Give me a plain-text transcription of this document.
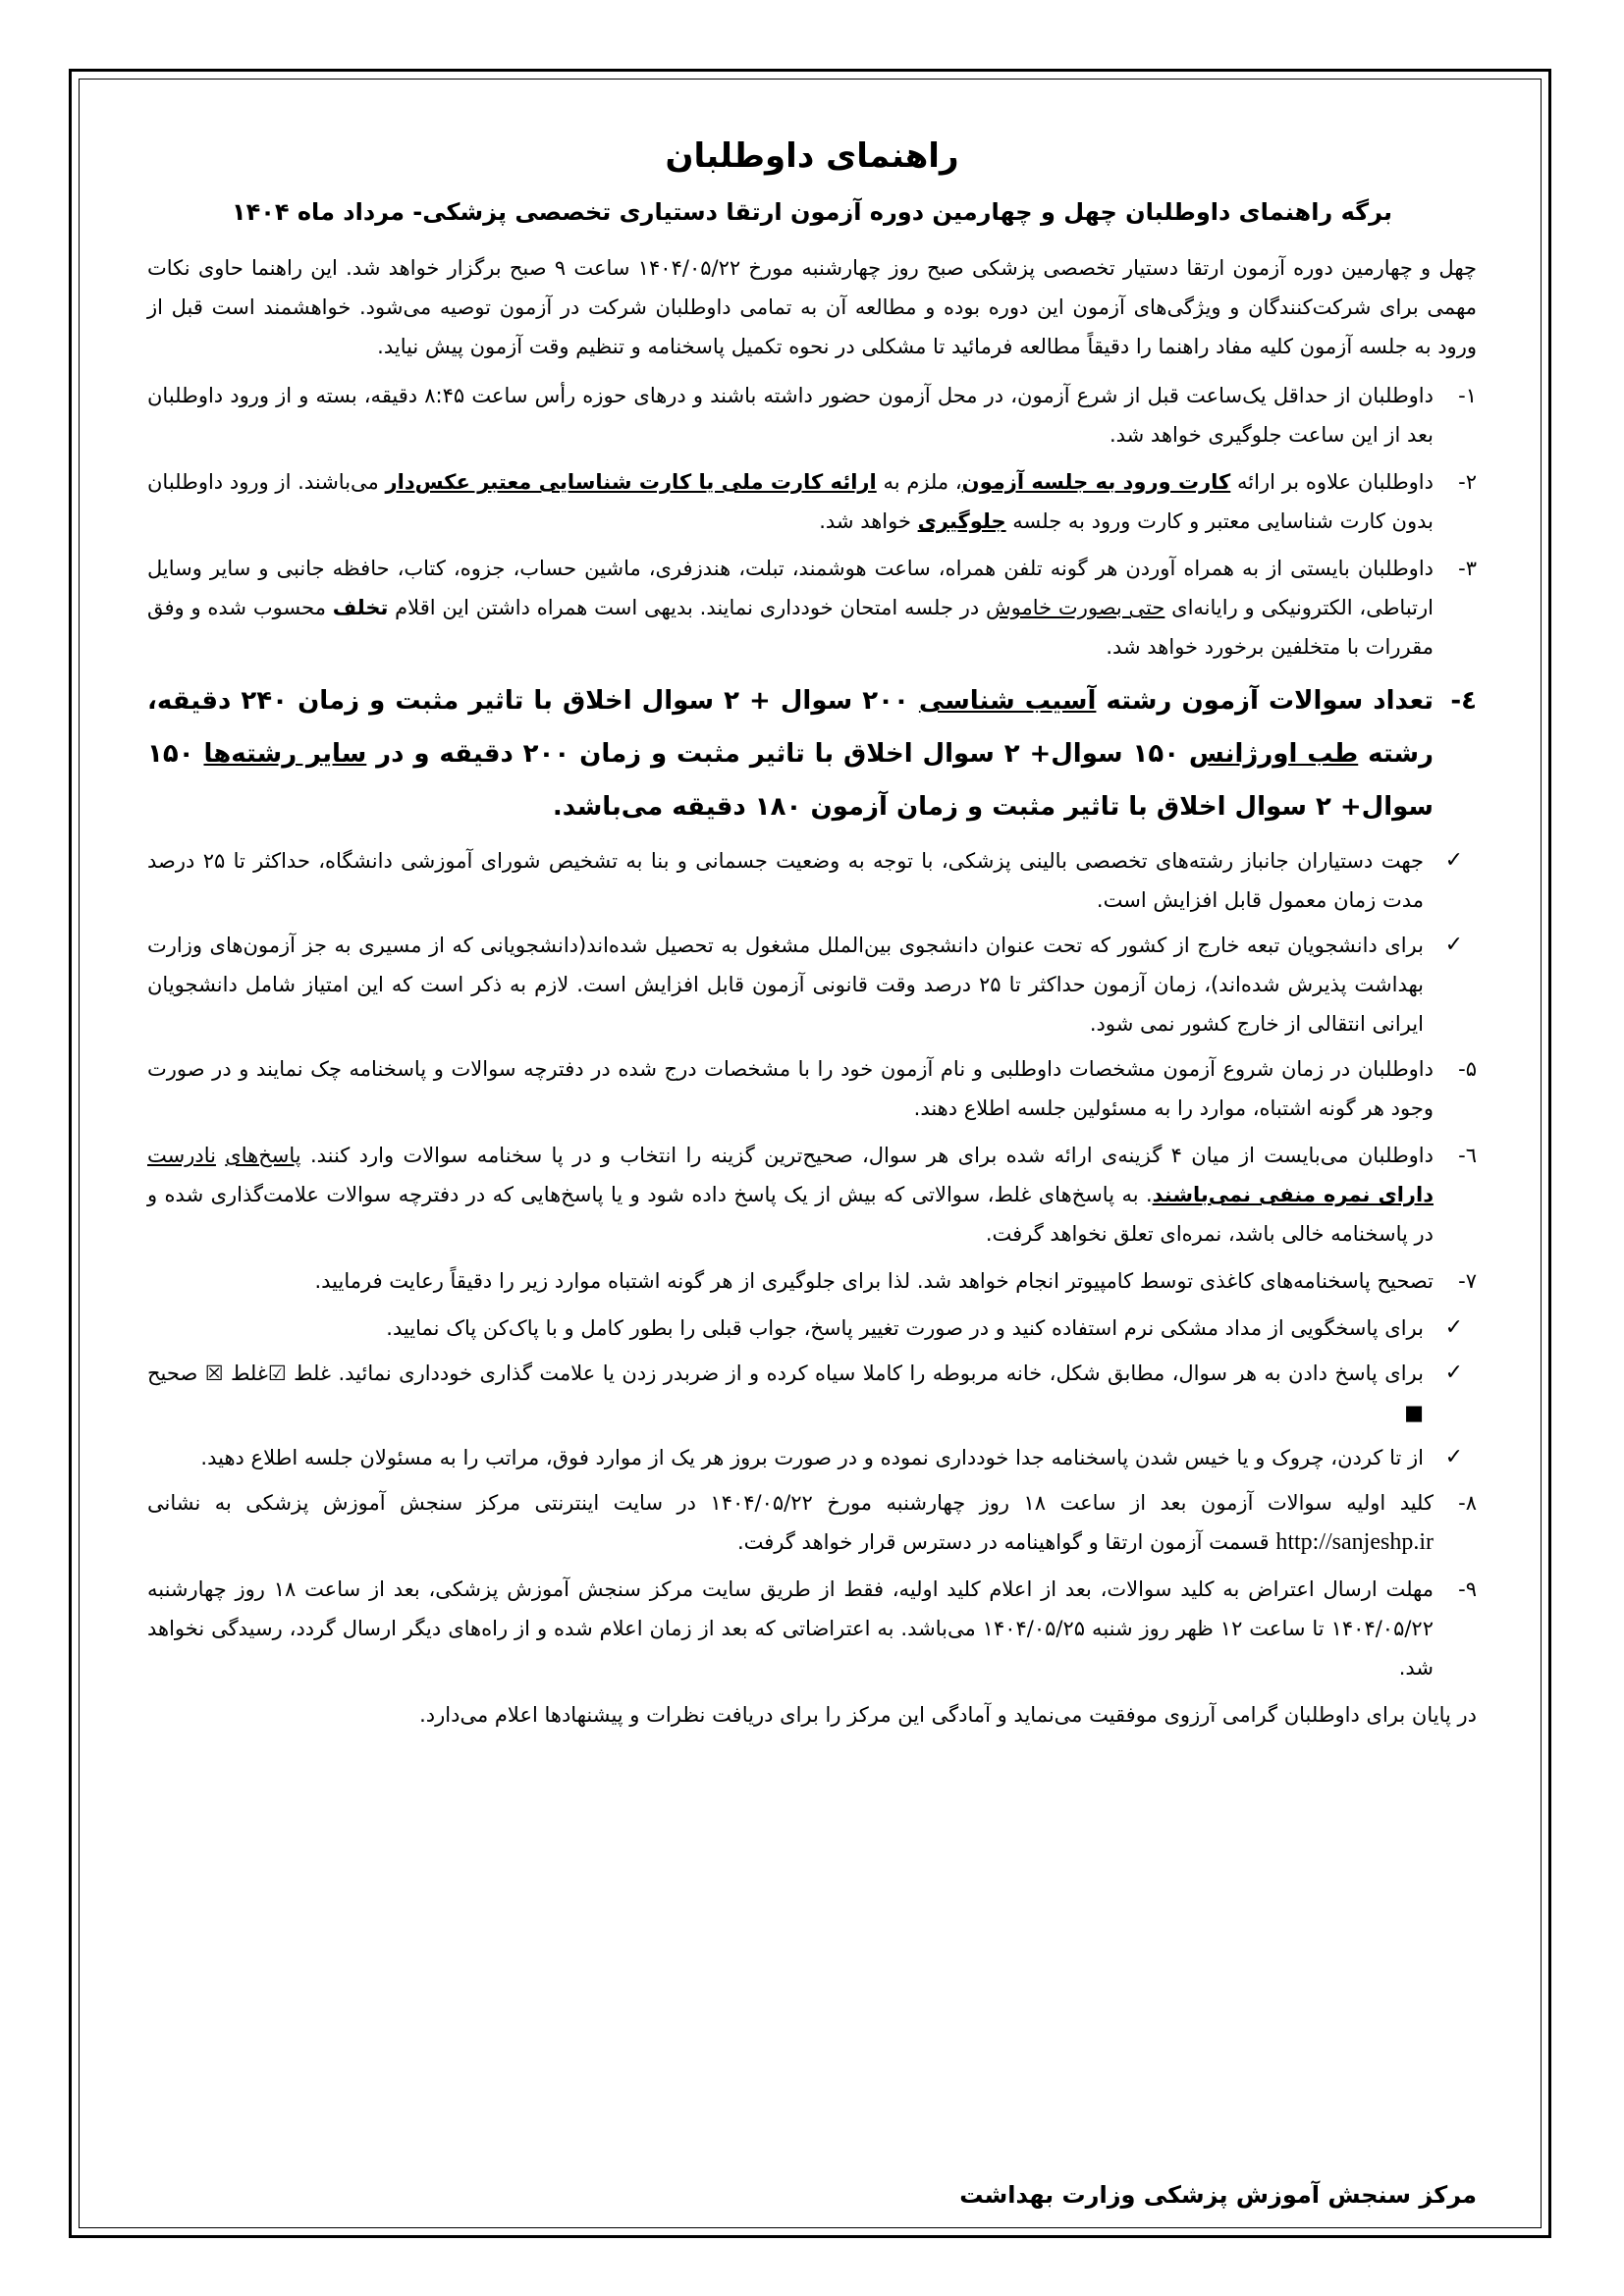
راهنمای داوطلبان
برگه راهنمای داوطلبان چهل و چهارمین دوره آزمون ارتقا دستیاری تخصصی پزشکی- مرداد ماه ۱۴۰۴

چهل و چهارمین دوره آزمون ارتقا دستیار تخصصی پزشکی صبح روز چهارشنبه مورخ ۱۴۰۴/۰۵/۲۲ ساعت ۹ صبح برگزار خواهد شد. این راهنما حاوی نکات مهمی برای شرکت‌کنندگان و ویژگی‌های آزمون این دوره بوده و مطالعه آن به تمامی داوطلبان شرکت در آزمون توصیه می‌شود. خواهشمند است قبل از ورود به جلسه آزمون کلیه مفاد راهنما را دقیقاً مطالعه فرمائید تا مشکلی در نحوه تکمیل پاسخنامه و تنظیم وقت آزمون پیش نیاید.

۱-
داوطلبان از حداقل یک‌ساعت قبل از شرع آزمون، در محل آزمون حضور داشته باشند و درهای حوزه رأس ساعت ۸:۴۵ دقیقه، بسته و از ورود داوطلبان بعد از این ساعت جلوگیری خواهد شد.
۲-
داوطلبان علاوه بر ارائه کارت ورود به جلسه آزمون، ملزم به ارائه کارت ملی یا کارت شناسایی معتبر عکس‌دار می‌باشند. از ورود داوطلبان بدون کارت شناسایی معتبر و کارت ورود به جلسه جلوگیری خواهد شد.
۳-
داوطلبان بایستی از به همراه آوردن هر گونه تلفن همراه، ساعت هوشمند، تبلت، هندزفری، ماشین حساب، جزوه، کتاب، حافظه جانبی و سایر وسایل ارتباطی، الکترونیکی و رایانه‌ای حتی بصورت خاموش در جلسه امتحان خودداری نمایند. بدیهی است همراه داشتن این اقلام تخلف محسوب شده و وفق مقررات با متخلفین برخورد خواهد شد.
٤-
تعداد سوالات آزمون رشته آسیب شناسی ۲۰۰ سوال + ۲ سوال اخلاق با تاثیر مثبت و زمان ۲۴۰ دقیقه، رشته طب اورژانس ۱۵۰ سوال+ ۲ سوال اخلاق با تاثیر مثبت و زمان ۲۰۰ دقیقه و در سایر رشته‌ها ۱۵۰ سوال+ ۲ سوال اخلاق با تاثیر مثبت و زمان آزمون ۱۸۰ دقیقه می‌باشد.
✓
جهت دستیاران جانباز رشته‌های تخصصی بالینی پزشکی، با توجه به وضعیت جسمانی و بنا به تشخیص شورای آموزشی دانشگاه، حداکثر تا ۲۵ درصد مدت زمان معمول قابل افزایش است.
✓
برای دانشجویان تبعه خارج از کشور که تحت عنوان دانشجوی بین‌الملل مشغول به تحصیل شده‌اند(دانشجویانی که از مسیری به جز آزمون‌های وزارت بهداشت پذیرش شده‌اند)، زمان آزمون حداکثر تا ۲۵ درصد وقت قانونی آزمون قابل افزایش است. لازم به ذکر است که این امتیاز شامل دانشجویان ایرانی انتقالی از خارج کشور نمی شود.
۵-
داوطلبان در زمان شروع آزمون مشخصات داوطلبی و نام آزمون خود را با مشخصات درج شده در دفترچه سوالات و پاسخنامه چک نمایند و در صورت وجود هر گونه اشتباه، موارد را به مسئولین جلسه اطلاع دهند.
٦-
داوطلبان می‌بایست از میان ۴ گزینه‌ی ارائه شده برای هر سوال، صحیح‌ترین گزینه را انتخاب و در پا سخنامه سوالات وارد کنند. پاسخ‌های نادرست دارای نمره منفی نمی‌باشند. به پاسخ‌های غلط، سوالاتی که بیش از یک پاسخ داده شود و یا پاسخ‌هایی که در دفترچه سوالات علامت‌گذاری شده و در پاسخنامه خالی باشد، نمره‌ای تعلق نخواهد گرفت.
۷-
تصحیح پاسخنامه‌های کاغذی توسط کامپیوتر انجام خواهد شد. لذا برای جلوگیری از هر گونه اشتباه موارد زیر را دقیقاً رعایت فرمایید.
✓
برای پاسخگویی از مداد مشکی نرم استفاده کنید و در صورت تغییر پاسخ، جواب قبلی را بطور کامل و با پاک‌کن پاک نمایید.
✓
برای پاسخ دادن به هر سوال، مطابق شکل، خانه مربوطه را کاملا سیاه کرده و از ضربدر زدن یا علامت گذاری خودداری نمائید. غلط ☑غلط ☒ صحیح ■
✓
از تا کردن، چروک و یا خیس شدن پاسخنامه جدا خودداری نموده و در صورت بروز هر یک از موارد فوق، مراتب را به مسئولان جلسه اطلاع دهید.
۸-
کلید اولیه سوالات آزمون بعد از ساعت ۱۸ روز چهارشنبه مورخ ۱۴۰۴/۰۵/۲۲ در سایت اینترنتی مرکز سنجش آموزش پزشکی به نشانی http://sanjeshp.ir قسمت آزمون ارتقا و گواهینامه در دسترس قرار خواهد گرفت.
۹-
مهلت ارسال اعتراض به کلید سوالات، بعد از اعلام کلید اولیه، فقط از طریق سایت مرکز سنجش آموزش پزشکی، بعد از ساعت ۱۸ روز چهارشنبه ۱۴۰۴/۰۵/۲۲ تا ساعت ۱۲ ظهر روز شنبه ۱۴۰۴/۰۵/۲۵ می‌باشد. به اعتراضاتی که بعد از زمان اعلام شده و از راه‌های دیگر ارسال گردد، رسیدگی نخواهد شد.

در پایان برای داوطلبان گرامی آرزوی موفقیت می‌نماید و آمادگی این مرکز را برای دریافت نظرات و پیشنهادها اعلام می‌دارد.

مرکز سنجش آموزش پزشکی وزارت بهداشت
